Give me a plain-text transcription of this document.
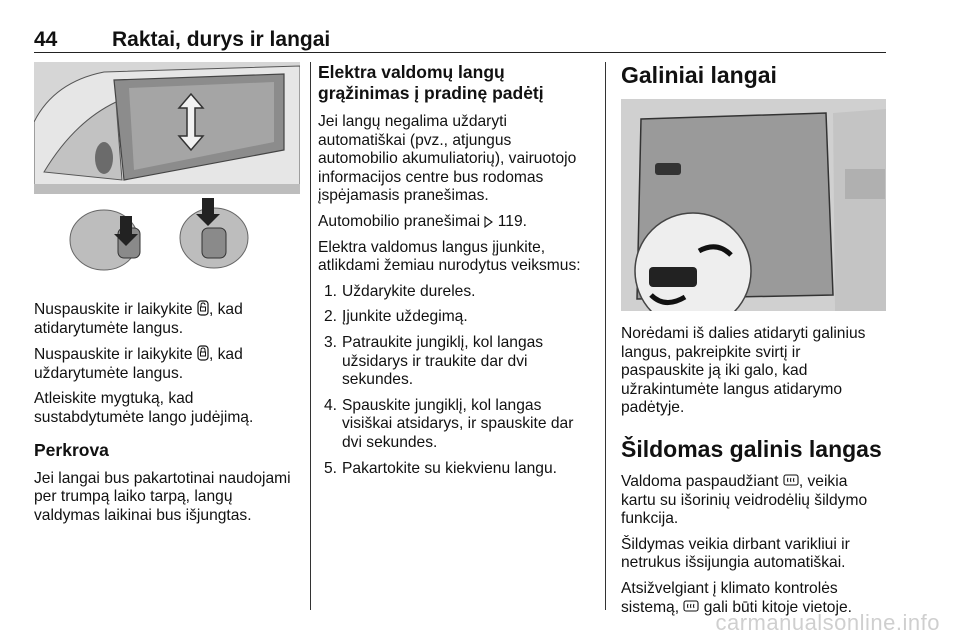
44	Raktai, durys ir langai

Nuspauskite ir laikykite , kad atidarytumėte langus.

Nuspauskite ir laikykite , kad uždarytumėte langus.

Atleiskite mygtuką, kad sustabdytumėte lango judėjimą.

Perkrova

Jei langai bus pakartotinai naudojami per trumpą laiko tarpą, langų valdymas laikinai bus išjungtas.

Elektra valdomų langų grąžinimas į pradinę padėtį

Jei langų negalima uždaryti automatiškai (pvz., atjungus automobilio akumuliatorių), vairuotojo informacijos centre bus rodomas įspėjamasis pranešimas.

Automobilio pranešimai  119.

Elektra valdomus langus įjunkite, atlikdami žemiau nurodytus veiksmus:

1. Uždarykite dureles.
2. Įjunkite uždegimą.
3. Patraukite jungiklį, kol langas užsidarys ir traukite dar dvi sekundes.
4. Spauskite jungiklį, kol langas visiškai atsidarys, ir spauskite dar dvi sekundes.
5. Pakartokite su kiekvienu langu.
Galiniai langai

Norėdami iš dalies atidaryti galinius langus, pakreipkite svirtį ir paspauskite ją iki galo, kad užrakintumėte langus atidarymo padėtyje.

Šildomas galinis langas

Valdoma paspaudžiant , veikia kartu su išorinių veidrodėlių šildymo funkcija.

Šildymas veikia dirbant varikliui ir netrukus išsijungia automatiškai.

Atsižvelgiant į klimato kontrolės sistemą,  gali būti kitoje vietoje.

carmanualsonline.info
